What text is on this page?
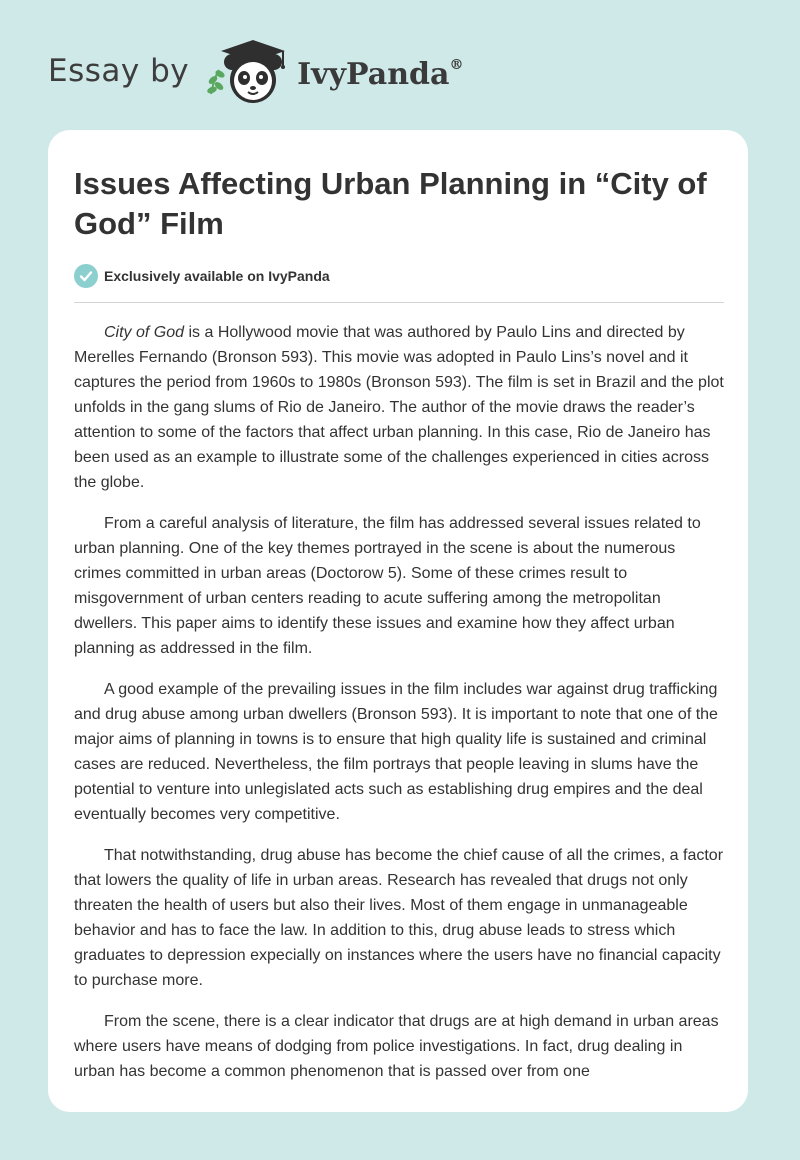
Essay by	IvyPanda®
Issues Affecting Urban Planning in “City of God” Film
Exclusively available on IvyPanda

City of God is a Hollywood movie that was authored by Paulo Lins and directed by Merelles Fernando (Bronson 593). This movie was adopted in Paulo Lins’s novel and it captures the period from 1960s to 1980s (Bronson 593). The film is set in Brazil and the plot unfolds in the gang slums of Rio de Janeiro. The author of the movie draws the reader’s attention to some of the factors that affect urban planning. In this case, Rio de Janeiro has been used as an example to illustrate some of the challenges experienced in cities across the globe.

From a careful analysis of literature, the film has addressed several issues related to urban planning. One of the key themes portrayed in the scene is about the numerous crimes committed in urban areas (Doctorow 5). Some of these crimes result to misgovernment of urban centers reading to acute suffering among the metropolitan dwellers. This paper aims to identify these issues and examine how they affect urban planning as addressed in the film.

A good example of the prevailing issues in the film includes war against drug trafficking and drug abuse among urban dwellers (Bronson 593). It is important to note that one of the major aims of planning in towns is to ensure that high quality life is sustained and criminal cases are reduced. Nevertheless, the film portrays that people leaving in slums have the potential to venture into unlegislated acts such as establishing drug empires and the deal eventually becomes very competitive.

That notwithstanding, drug abuse has become the chief cause of all the crimes, a factor that lowers the quality of life in urban areas. Research has revealed that drugs not only threaten the health of users but also their lives. Most of them engage in unmanageable behavior and has to face the law. In addition to this, drug abuse leads to stress which graduates to depression expecially on instances where the users have no financial capacity to purchase more.

From the scene, there is a clear indicator that drugs are at high demand in urban areas where users have means of dodging from police investigations. In fact, drug dealing in urban has become a common phenomenon that is passed over from one
